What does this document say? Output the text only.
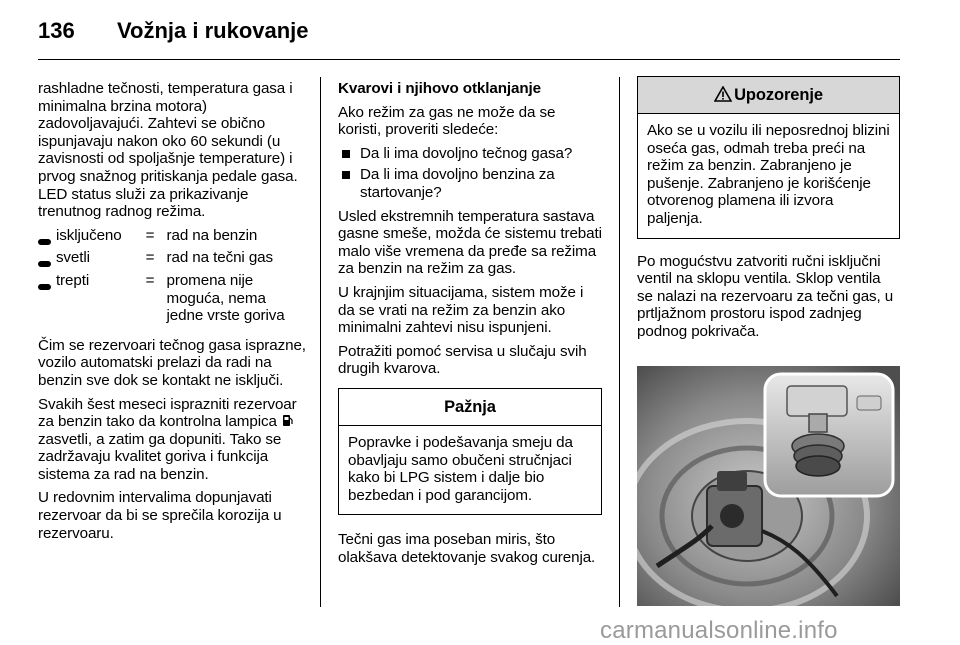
136 Vožnja i rukovanje

rashladne tečnosti, temperatura gasa i minimalna brzina motora) zadovoljavajući. Zahtevi se obično ispunjavaju nakon oko 60 sekundi (u zavisnosti od spoljašnje temperature) i prvog snažnog pritiskanja pedale gasa. LED status služi za prikazivanje trenutnog radnog režima.

isključeno	= rad na benzin
svetli	= rad na tečni gas
trepti	= promena nije moguća, nema jedne vrste goriva

Čim se rezervoari tečnog gasa isprazne, vozilo automatski prelazi da radi na benzin sve dok se kontakt ne isključi.

Svakih šest meseci isprazniti rezervoar za benzin tako da kontrolna lampica  zasvetli, a zatim ga dopuniti. Tako se zadržavaju kvalitet goriva i funkcija sistema za rad na benzin.

U redovnim intervalima dopunjavati rezervoar da bi se sprečila korozija u rezervoaru.

Kvarovi i njihovo otklanjanje

Ako režim za gas ne može da se koristi, proveriti sledeće:

Da li ima dovoljno tečnog gasa?
Da li ima dovoljno benzina za startovanje?

Usled ekstremnih temperatura sastava gasne smeše, možda će sistemu trebati malo više vremena da pređe sa režima za benzin na režim za gas.

U krajnjim situacijama, sistem može i da se vrati na režim za benzin ako minimalni zahtevi nisu ispunjeni.

Potražiti pomoć servisa u slučaju svih drugih kvarova.

Pažnja

Popravke i podešavanja smeju da obavljaju samo obučeni stručnjaci kako bi LPG sistem i dalje bio bezbedan i pod garancijom.

Tečni gas ima poseban miris, što olakšava detektovanje svakog curenja.

Upozorenje

Ako se u vozilu ili neposrednoj blizini oseća gas, odmah treba preći na režim za benzin. Zabranjeno je pušenje. Zabranjeno je korišćenje otvorenog plamena ili izvora paljenja.

Po mogućstvu zatvoriti ručni isključni ventil na sklopu ventila. Sklop ventila se nalazi na rezervoaru za tečni gas, u prtljažnom prostoru ispod zadnjeg podnog pokrivača.

carmanualsonline.info
